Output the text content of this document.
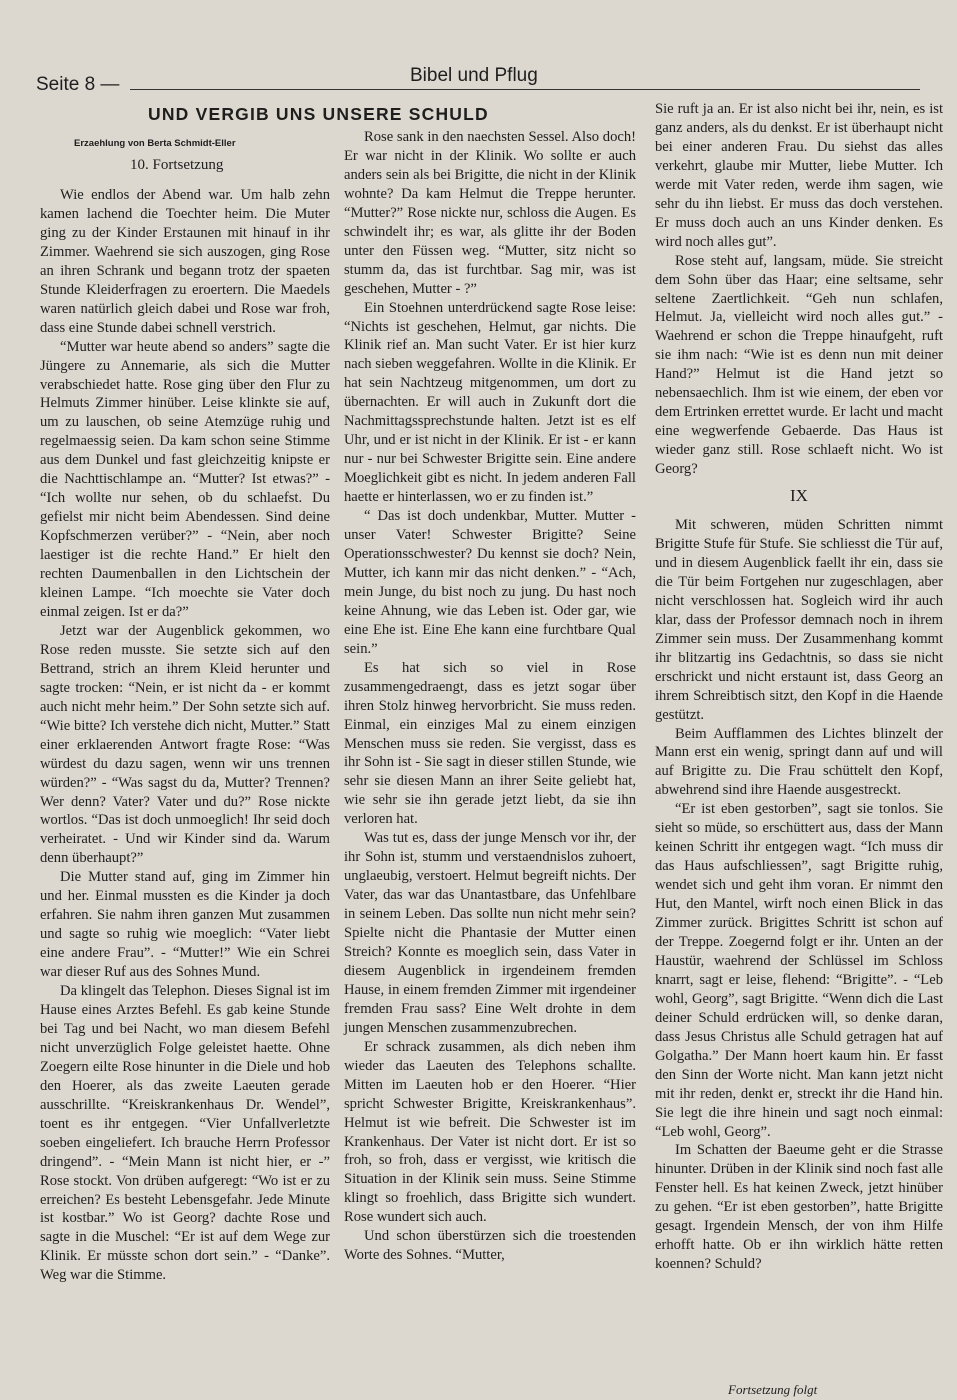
Seite 8 —	Bibel und Pflug
UND VERGIB UNS UNSERE SCHULD
Erzaehlung von Berta Schmidt-Eller
10. Fortsetzung

Wie endlos der Abend war. Um halb zehn kamen lachend die Toechter heim. Die Muter ging zu der Kinder Erstaunen mit hinauf in ihr Zimmer. Waehrend sie sich auszogen, ging Rose an ihren Schrank und begann trotz der spaeten Stunde Kleiderfragen zu eroertern. Die Maedels waren natürlich gleich dabei und Rose war froh, dass eine Stunde dabei schnell verstrich.

“Mutter war heute abend so anders” sagte die Jüngere zu Annemarie, als sich die Mutter verabschiedet hatte. Rose ging über den Flur zu Helmuts Zimmer hinüber. Leise klinkte sie auf, um zu lauschen, ob seine Atemzüge ruhig und regelmaessig seien. Da kam schon seine Stimme aus dem Dunkel und fast gleichzeitig knipste er die Nachttischlampe an. “Mutter? Ist etwas?” - “Ich wollte nur sehen, ob du schlaefst. Du gefielst mir nicht beim Abendessen. Sind deine Kopfschmerzen verüber?” - “Nein, aber noch laestiger ist die rechte Hand.” Er hielt den rechten Daumenballen in den Lichtschein der kleinen Lampe. “Ich moechte sie Vater doch einmal zeigen. Ist er da?”

Jetzt war der Augenblick gekommen, wo Rose reden musste. Sie setzte sich auf den Bettrand, strich an ihrem Kleid herunter und sagte trocken: “Nein, er ist nicht da - er kommt auch nicht mehr heim.” Der Sohn setzte sich auf. “Wie bitte? Ich verstehe dich nicht, Mutter.” Statt einer erklaerenden Antwort fragte Rose: “Was würdest du dazu sagen, wenn wir uns trennen würden?” - “Was sagst du da, Mutter? Trennen? Wer denn? Vater? Vater und du?” Rose nickte wortlos. “Das ist doch unmoeglich! Ihr seid doch verheiratet. - Und wir Kinder sind da. Warum denn überhaupt?”

Die Mutter stand auf, ging im Zimmer hin und her. Einmal mussten es die Kinder ja doch erfahren. Sie nahm ihren ganzen Mut zusammen und sagte so ruhig wie moeglich: “Vater liebt eine andere Frau”. - “Mutter!” Wie ein Schrei war dieser Ruf aus des Sohnes Mund.

Da klingelt das Telephon. Dieses Signal ist im Hause eines Arztes Befehl. Es gab keine Stunde bei Tag und bei Nacht, wo man diesem Befehl nicht unverzüglich Folge geleistet haette. Ohne Zoegern eilte Rose hinunter in die Diele und hob den Hoerer, als das zweite Laeuten gerade ausschrillte. “Kreiskrankenhaus Dr. Wendel”, toent es ihr entgegen. “Vier Unfallverletzte soeben eingeliefert. Ich brauche Herrn Professor dringend”. - “Mein Mann ist nicht hier, er -” Rose stockt. Von drüben aufgeregt: “Wo ist er zu erreichen? Es besteht Lebensgefahr. Jede Minute ist kostbar.” Wo ist Georg? dachte Rose und sagte in die Muschel: “Er ist auf dem Wege zur Klinik. Er müsste schon dort sein.” - “Danke”. Weg war die Stimme.

Rose sank in den naechsten Sessel. Also doch! Er war nicht in der Klinik. Wo sollte er auch anders sein als bei Brigitte, die nicht in der Klinik wohnte? Da kam Helmut die Treppe herunter. “Mutter?” Rose nickte nur, schloss die Augen. Es schwindelt ihr; es war, als glitte ihr der Boden unter den Füssen weg. “Mutter, sitz nicht so stumm da, das ist furchtbar. Sag mir, was ist geschehen, Mutter - ?”

Ein Stoehnen unterdrückend sagte Rose leise: “Nichts ist geschehen, Helmut, gar nichts. Die Klinik rief an. Man sucht Vater. Er ist hier kurz nach sieben weggefahren. Wollte in die Klinik. Er hat sein Nachtzeug mitgenommen, um dort zu übernachten. Er will auch in Zukunft dort die Nachmittagssprechstunde halten. Jetzt ist es elf Uhr, und er ist nicht in der Klinik. Er ist - er kann nur - nur bei Schwester Brigitte sein. Eine andere Moeglichkeit gibt es nicht. In jedem anderen Fall haette er hinterlassen, wo er zu finden ist.”

“ Das ist doch undenkbar, Mutter. Mutter - unser Vater! Schwester Brigitte? Seine Operationsschwester? Du kennst sie doch? Nein, Mutter, ich kann mir das nicht denken.” - “Ach, mein Junge, du bist noch zu jung. Du hast noch keine Ahnung, wie das Leben ist. Oder gar, wie eine Ehe ist. Eine Ehe kann eine furchtbare Qual sein.”

Es hat sich so viel in Rose zusammengedraengt, dass es jetzt sogar über ihren Stolz hinweg hervorbricht. Sie muss reden. Einmal, ein einziges Mal zu einem einzigen Menschen muss sie reden. Sie vergisst, dass es ihr Sohn ist - Sie sagt in dieser stillen Stunde, wie sehr sie diesen Mann an ihrer Seite geliebt hat, wie sehr sie ihn gerade jetzt liebt, da sie ihn verloren hat.

Was tut es, dass der junge Mensch vor ihr, der ihr Sohn ist, stumm und verstaendnislos zuhoert, unglaeubig, verstoert. Helmut begreift nichts. Der Vater, das war das Unantastbare, das Unfehlbare in seinem Leben. Das sollte nun nicht mehr sein? Spielte nicht die Phantasie der Mutter einen Streich? Konnte es moeglich sein, dass Vater in diesem Augenblick in irgendeinem fremden Hause, in einem fremden Zimmer mit irgendeiner fremden Frau sass? Eine Welt drohte in dem jungen Menschen zusammenzubrechen.

Er schrack zusammen, als dich neben ihm wieder das Laeuten des Telephons schallte. Mitten im Laeuten hob er den Hoerer. “Hier spricht Schwester Brigitte, Kreiskrankenhaus”. Helmut ist wie befreit. Die Schwester ist im Krankenhaus. Der Vater ist nicht dort. Er ist so froh, so froh, dass er vergisst, wie kritisch die Situation in der Klinik sein muss. Seine Stimme klingt so froehlich, dass Brigitte sich wundert. Rose wundert sich auch.

Und schon überstürzen sich die troestenden Worte des Sohnes. “Mutter,

Sie ruft ja an. Er ist also nicht bei ihr, nein, es ist ganz anders, als du denkst. Er ist überhaupt nicht bei einer anderen Frau. Du siehst das alles verkehrt, glaube mir Mutter, liebe Mutter. Ich werde mit Vater reden, werde ihm sagen, wie sehr du ihn liebst. Er muss das doch verstehen. Er muss doch auch an uns Kinder denken. Es wird noch alles gut”.

Rose steht auf, langsam, müde. Sie streicht dem Sohn über das Haar; eine seltsame, sehr seltene Zaertlichkeit. “Geh nun schlafen, Helmut. Ja, vielleicht wird noch alles gut.” - Waehrend er schon die Treppe hinaufgeht, ruft sie ihm nach: “Wie ist es denn nun mit deiner Hand?” Helmut ist die Hand jetzt so nebensaechlich. Ihm ist wie einem, der eben vor dem Ertrinken errettet wurde. Er lacht und macht eine wegwerfende Gebaerde. Das Haus ist wieder ganz still. Rose schlaeft nicht. Wo ist Georg?

IX

Mit schweren, müden Schritten nimmt Brigitte Stufe für Stufe. Sie schliesst die Tür auf, und in diesem Augenblick faellt ihr ein, dass sie die Tür beim Fortgehen nur zugeschlagen, aber nicht verschlossen hat. Sogleich wird ihr auch klar, dass der Professor demnach noch in ihrem Zimmer sein muss. Der Zusammenhang kommt ihr blitzartig ins Gedachtnis, so dass sie nicht erschrickt und nicht erstaunt ist, dass Georg an ihrem Schreibtisch sitzt, den Kopf in die Haende gestützt.

Beim Aufflammen des Lichtes blinzelt der Mann erst ein wenig, springt dann auf und will auf Brigitte zu. Die Frau schüttelt den Kopf, abwehrend sind ihre Haende ausgestreckt.

“Er ist eben gestorben”, sagt sie tonlos. Sie sieht so müde, so erschüttert aus, dass der Mann keinen Schritt ihr entgegen wagt. “Ich muss dir das Haus aufschliessen”, sagt Brigitte ruhig, wendet sich und geht ihm voran. Er nimmt den Hut, den Mantel, wirft noch einen Blick in das Zimmer zurück. Brigittes Schritt ist schon auf der Treppe. Zoegernd folgt er ihr. Unten an der Haustür, waehrend der Schlüssel im Schloss knarrt, sagt er leise, flehend: “Brigitte”. - “Leb wohl, Georg”, sagt Brigitte. “Wenn dich die Last deiner Schuld erdrücken will, so denke daran, dass Jesus Christus alle Schuld getragen hat auf Golgatha.” Der Mann hoert kaum hin. Er fasst den Sinn der Worte nicht. Man kann jetzt nicht mit ihr reden, denkt er, streckt ihr die Hand hin. Sie legt die ihre hinein und sagt noch einmal: “Leb wohl, Georg”.

Im Schatten der Baeume geht er die Strasse hinunter. Drüben in der Klinik sind noch fast alle Fenster hell. Es hat keinen Zweck, jetzt hinüber zu gehen. “Er ist eben gestorben”, hatte Brigitte gesagt. Irgendein Mensch, der von ihm Hilfe erhofft hatte. Ob er ihn wirklich hätte retten koennen? Schuld?

Fortsetzung folgt
